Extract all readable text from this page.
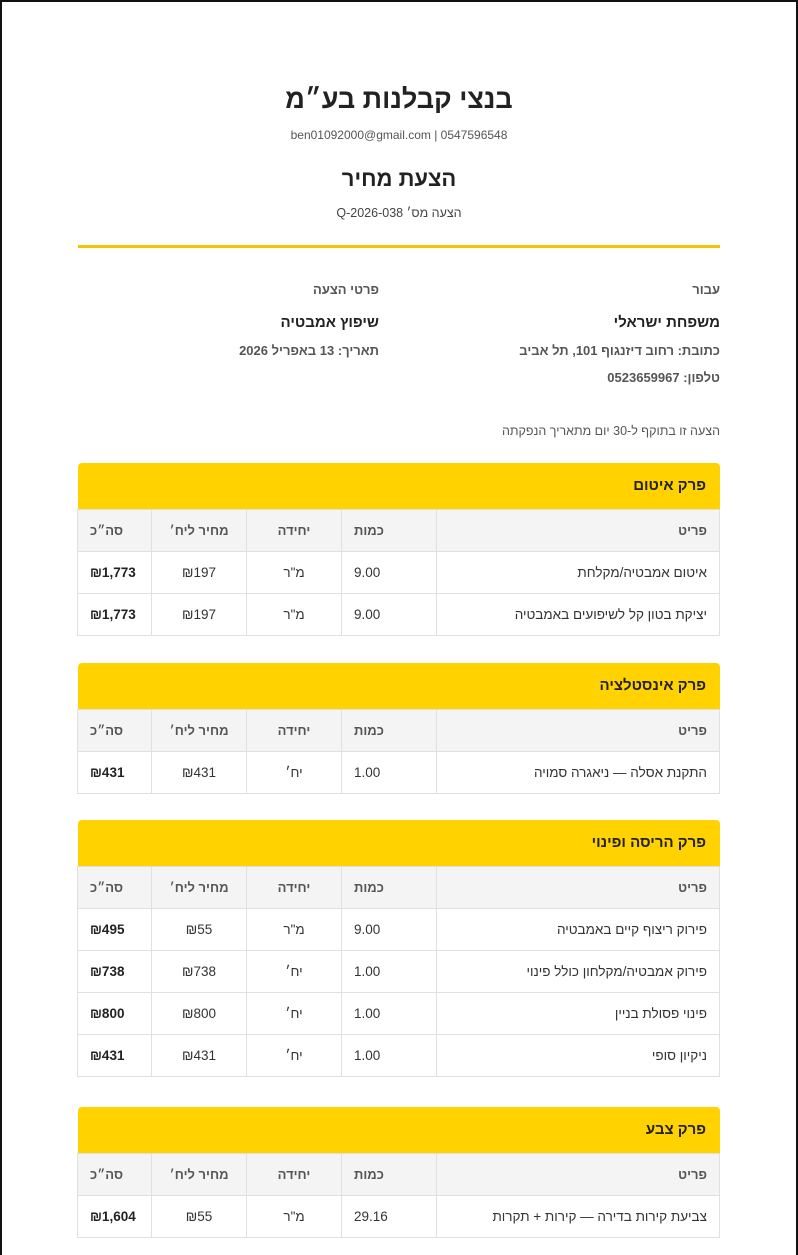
בנצי קבלנות בע״מ
ben01092000@gmail.com | 0547596548
הצעת מחיר
הצעה מס׳ Q-2026-038
עבור
משפחת ישראלי
כתובת: רחוב דיזנגוף 101, תל אביב
טלפון: 0523659967
פרטי הצעה
שיפוץ אמבטיה
תאריך: 13 באפריל 2026
הצעה זו בתוקף ל-30 יום מתאריך הנפקתה
פרק איטום
פריט	כמות	יחידה	מחיר ליח׳	סה״כ
איטום אמבטיה/מקלחת	9.00	מ"ר	₪197	₪1,773
יציקת בטון קל לשיפועים באמבטיה	9.00	מ"ר	₪197	₪1,773
פרק אינסטלציה
פריט	כמות	יחידה	מחיר ליח׳	סה״כ
התקנת אסלה — ניאגרה סמויה	1.00	יח׳	₪431	₪431
פרק הריסה ופינוי
פריט	כמות	יחידה	מחיר ליח׳	סה״כ
פירוק ריצוף קיים באמבטיה	9.00	מ"ר	₪55	₪495
פירוק אמבטיה/מקלחון כולל פינוי	1.00	יח׳	₪738	₪738
פינוי פסולת בניין	1.00	יח׳	₪800	₪800
ניקיון סופי	1.00	יח׳	₪431	₪431
פרק צבע
פריט	כמות	יחידה	מחיר ליח׳	סה״כ
צביעת קירות בדירה — קירות + תקרות	29.16	מ"ר	₪55	₪1,604
